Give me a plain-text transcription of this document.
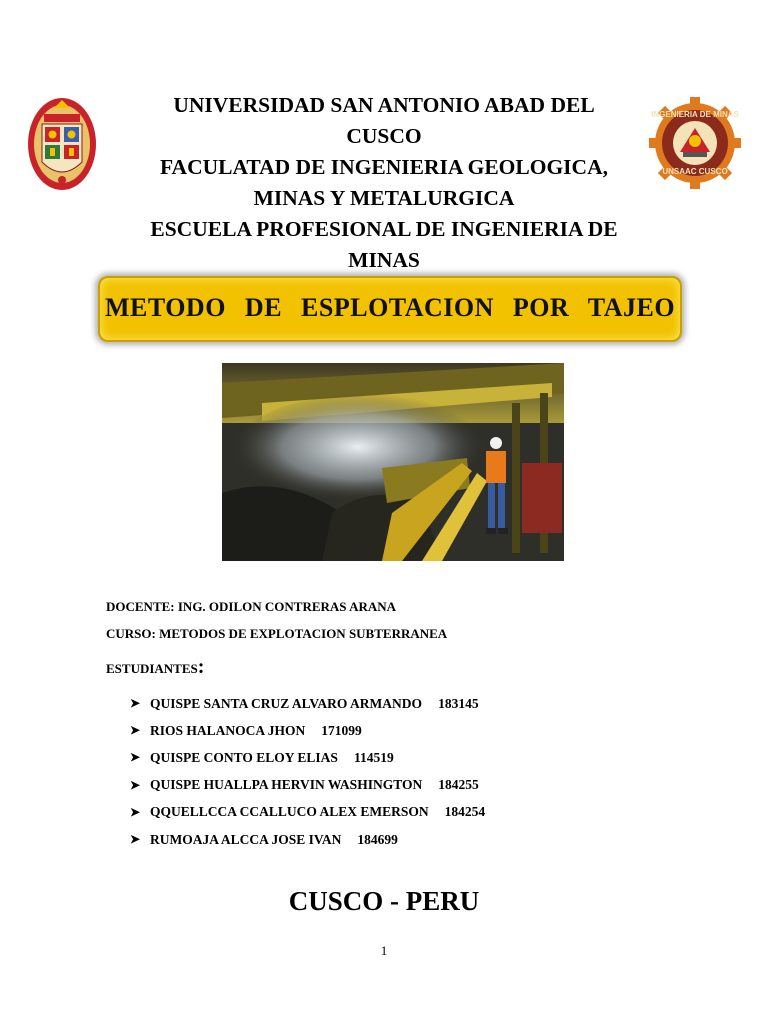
INGENIERIA DE MINAS
UNSAAC CUSCO
UNIVERSIDAD SAN ANTONIO ABAD DEL
CUSCO
FACULATAD DE INGENIERIA GEOLOGICA,
MINAS Y METALURGICA
ESCUELA PROFESIONAL DE INGENIERIA DE
MINAS
METODO DE ESPLOTACION POR TAJEO
DOCENTE: ING. ODILON CONTRERAS ARANA
CURSO: METODOS DE EXPLOTACION SUBTERRANEA
ESTUDIANTES:
➤ QUISPE SANTA CRUZ ALVARO ARMANDO 183145
➤ RIOS HALANOCA JHON 171099
➤ QUISPE CONTO ELOY ELIAS 114519
➤ QUISPE HUALLPA HERVIN WASHINGTON 184255
➤ QQUELLCCA CCALLUCO ALEX EMERSON 184254
➤ RUMOAJA ALCCA JOSE IVAN 184699
CUSCO - PERU
1
